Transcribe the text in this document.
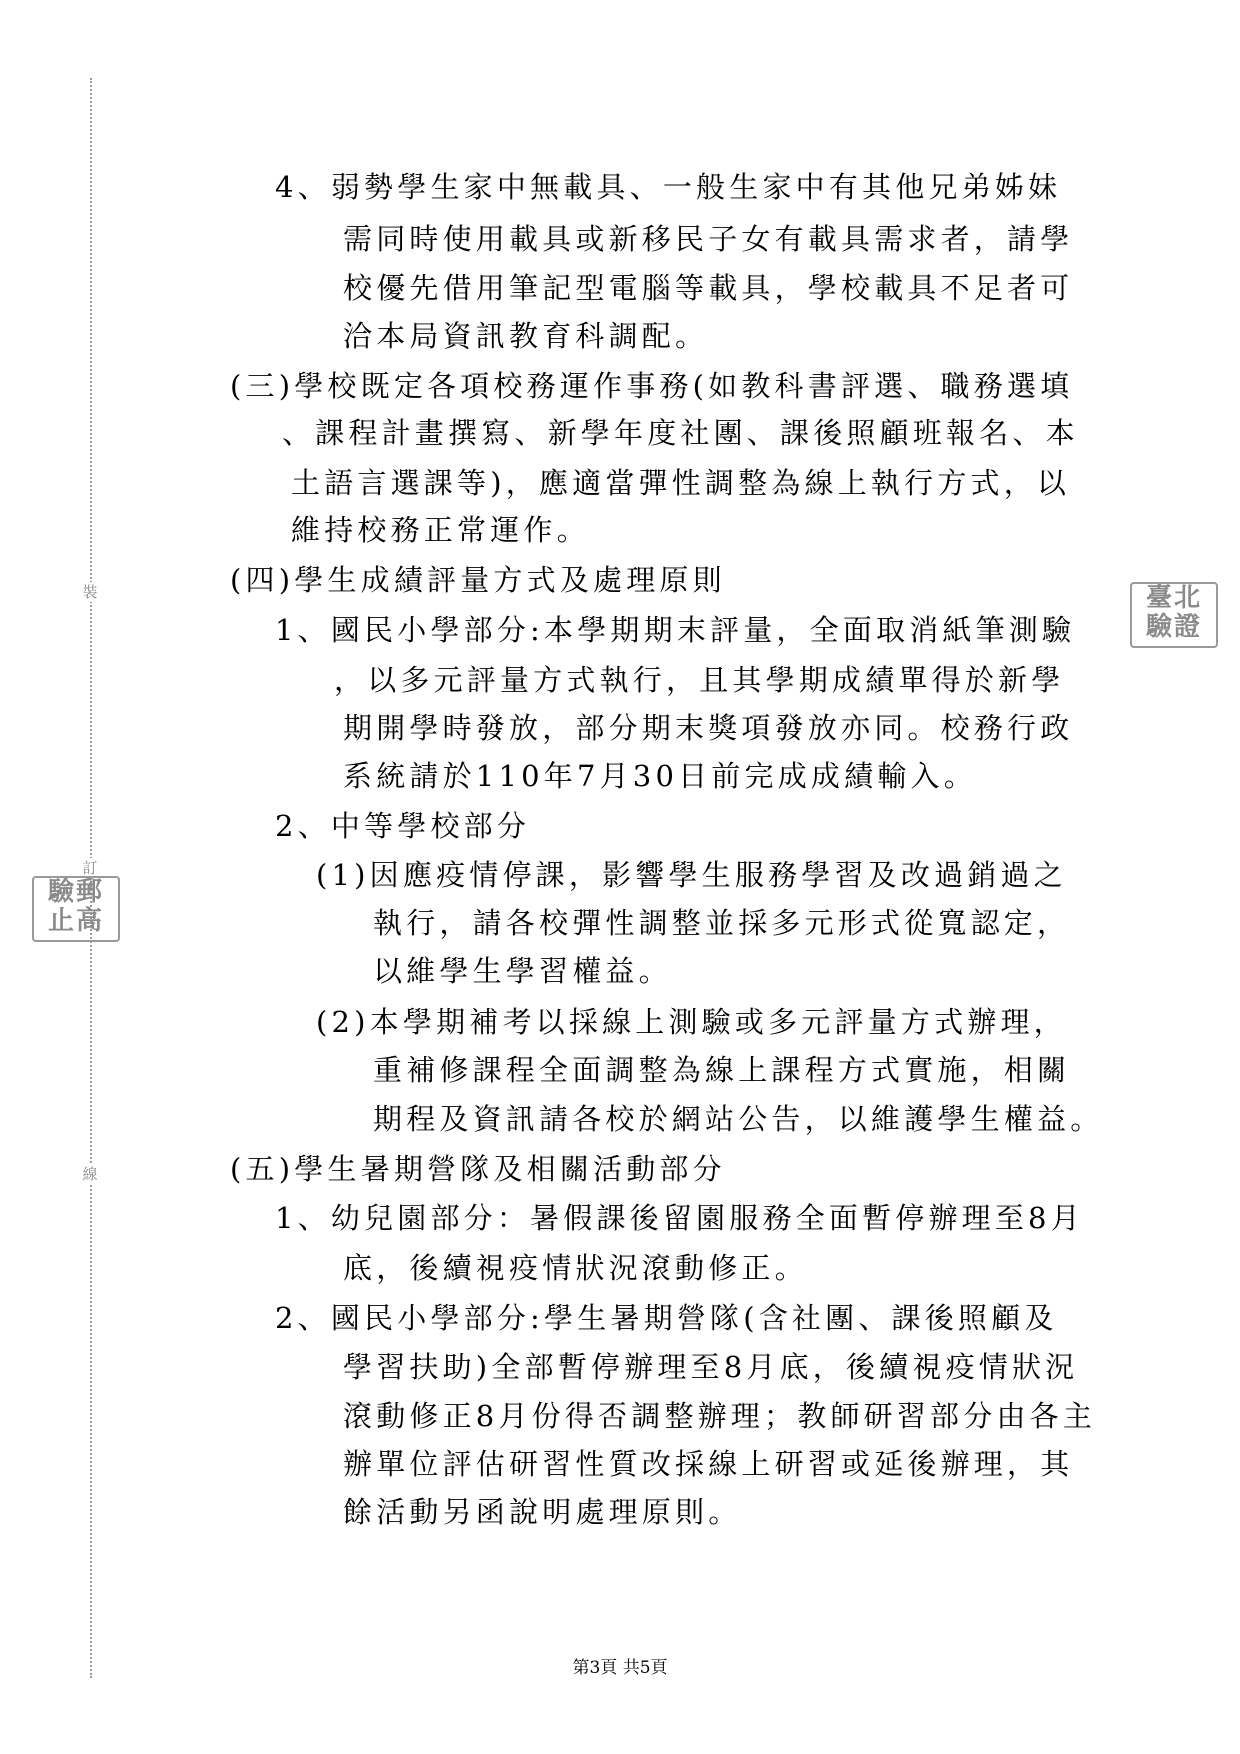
裝
訂
線
臺北
驗證
驗郵
止高
4、弱勢學生家中無載具、一般生家中有其他兄弟姊妹
需同時使用載具或新移民子女有載具需求者，請學
校優先借用筆記型電腦等載具，學校載具不足者可
洽本局資訊教育科調配。
(三)學校既定各項校務運作事務(如教科書評選、職務選填
、課程計畫撰寫、新學年度社團、課後照顧班報名、本
土語言選課等)，應適當彈性調整為線上執行方式，以
維持校務正常運作。
(四)學生成績評量方式及處理原則
1、國民小學部分:本學期期末評量，全面取消紙筆測驗
，以多元評量方式執行，且其學期成績單得於新學
期開學時發放，部分期末獎項發放亦同。校務行政
系統請於110年7月30日前完成成績輸入。
2、中等學校部分
(1)因應疫情停課，影響學生服務學習及改過銷過之
執行，請各校彈性調整並採多元形式從寬認定，
以維學生學習權益。
(2)本學期補考以採線上測驗或多元評量方式辦理，
重補修課程全面調整為線上課程方式實施，相關
期程及資訊請各校於網站公告，以維護學生權益。
(五)學生暑期營隊及相關活動部分
1、幼兒園部分：暑假課後留園服務全面暫停辦理至8月
底，後續視疫情狀況滾動修正。
2、國民小學部分:學生暑期營隊(含社團、課後照顧及
學習扶助)全部暫停辦理至8月底，後續視疫情狀況
滾動修正8月份得否調整辦理；教師研習部分由各主
辦單位評估研習性質改採線上研習或延後辦理，其
餘活動另函說明處理原則。
第3頁 共5頁
